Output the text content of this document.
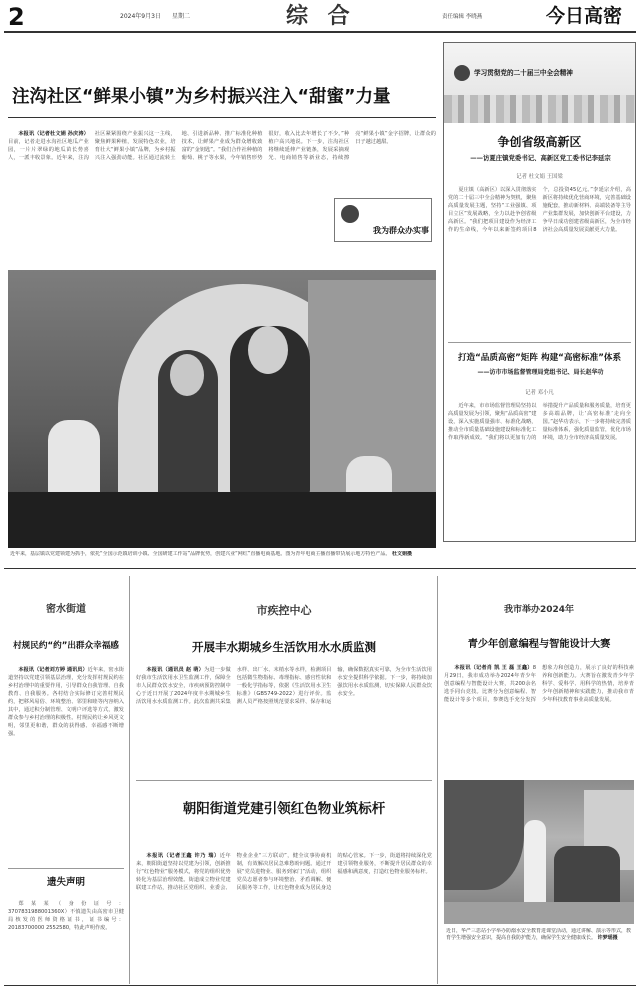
2	2024年9月3日 星期二	综 合	责任编辑 李晓燕	今日高密
注沟社区“鲜果小镇”为乡村振兴注入“甜蜜”力量

本报讯（记者杜文娟 孙庆涛）目前，记者走进水沟社区地瓜产业园，一片片翠绿的地瓜苗长势喜人，一派丰收景象。近年来，注沟社区紧紧围绕产业振兴这一主线，聚焦鲜果种植，发展特色农业，培育壮大“鲜果小镇”品牌，为乡村振兴注入强劲动能。社区通过流转土地、引进新品种、推广标准化种植技术，让鲜果产业成为群众增收致富的“金钥匙”。“我们合作社种植的葡萄、桃子等水果，今年销售形势很好，收入比去年增长了不少。”种植户高兴地说。下一步，注沟社区将继续延伸产业链条，发展采摘观光、电商销售等新业态，持续擦亮“鲜果小镇”金字招牌，让群众的日子越过越甜。

我为群众办实事
近年来，基层镇以党建领建为抓手，依托“全国示范镇培训小镇、全国研建工作站”品牌优势，创建兴业“网红”直播电商基地。图为青年电商主播直播带货展示地方特色产品。 杜文娟摄
学习贯彻党的二十届三中全会精神
争创省级高新区
——访夏庄镇党委书记、高新区党工委书记李延宗
记者 杜文娟 王国梁

夏庄镇（高新区）以深入贯彻落实党的二十届三中全会精神为契机，聚焦高质量发展主题，坚持“工业强镇、项目立区”发展战略，全力以赴争创省级高新区。“我们把项目建设作为经济工作的生命线，今年以来新签约项目8个，总投资45亿元。”李延宗介绍，高新区将持续优化营商环境，完善基础设施配套，推动新材料、高端装备等主导产业集群发展，加快创新平台建设，力争早日成功创建省级高新区，为全市经济社会高质量发展贡献更大力量。

打造“品质高密”矩阵 构建“高密标准”体系
——访市市场监督管理局党组书记、局长赵华功
记者 邓小凡

近年来，市市场监督管理局坚持以高质量发展为引领，聚焦“品质高密”建设，深入实施质量强市、标准化战略，推动全市质量基础设施建设和标准化工作取得新成效。“我们将以更加有力的举措提升产品质量和服务质量，培育更多高端品牌，让‘高密标准’走向全国。”赵华功表示，下一步将持续完善质量标准体系，强化质量监管，优化市场环境，助力全市经济高质量发展。

密水街道
村规民约“约”出群众幸福感

本报讯（记者刘方婷 通讯员）近年来，密水街道坚持以党建引领基层治理，充分发挥村规民约在乡村治理中的重要作用，引导群众自我管理、自我教育、自我服务。各村结合实际修订完善村规民约，把移风易俗、环境整治、邻里和睦等内容纳入其中，通过积分制管理、文明户评选等方式，激发群众参与乡村治理的积极性。村规民约让乡风更文明，邻里更和谐，群众的获得感、幸福感不断增强。

遗失声明

郑某某（身份证号：3707831988001360X）不慎遗失由高密市卫健局核发的医师资格证书，证书编号：20183700000 2552580，特此声明作废。

市疾控中心
开展丰水期城乡生活饮用水水质监测

本报讯（通讯员 赵 萌）为进一步做好我市生活饮用水卫生监测工作，保障全市人民群众饮水安全，市疾病预防控制中心于近日开展了2024年度丰水期城乡生活饮用水水质监测工作。此次监测共采集水样、出厂水、末梢水等水样，检测项目包括微生物指标、毒理指标、感官性状和一般化学指标等，依据《生活饮用水卫生标准》（GB5749-2022）进行评价。监测人员严格按照规范要求采样、保存和运输，确保数据真实可靠，为全市生活饮用水安全提供科学依据。下一步，将持续加强饮用水水质监测，切实保障人民群众饮水安全。

朝阳街道党建引领红色物业筑标杆

本报讯（记者王鑫 许乃 瑞）近年来，朝阳街道坚持以党建为引领，创新推行“红色物业”服务模式，将党的组织优势转化为基层治理效能。街道成立物业党建联建工作站，推动社区党组织、业委会、物业企业“三方联动”，健全议事协商机制，有效解决居民急难愁盼问题。通过开展“党员进物业、服务到家门”活动，组织党员志愿者参与环境整治、矛盾调解、便民服务等工作，让红色物业成为居民身边的贴心管家。下一步，街道将持续深化党建引领物业服务，不断提升居民群众的幸福感和满意度，打造红色物业服务标杆。

我市举办2024年
青少年创意编程与智能设计大赛

本报讯（记者肖 凯 王 磊 王鑫）8月29日，我市成功举办2024年青少年创意编程与智能设计大赛，共200余名选手同台竞技。比赛分为创意编程、智能设计等多个项目，参赛选手充分发挥想象力和创造力，展示了良好的科技素养和创新能力。大赛旨在激发青少年学科学、爱科学、用科学的热情，培养青少年创新精神和实践能力，推动我市青少年科技教育事业高质量发展。

近日，华严三思站小学举办防溺水安全教育进课堂活动，通过讲解、演示等形式，教育学生增强安全意识，提高自我防护能力，确保学生安全健康成长。 许梦瑶摄
